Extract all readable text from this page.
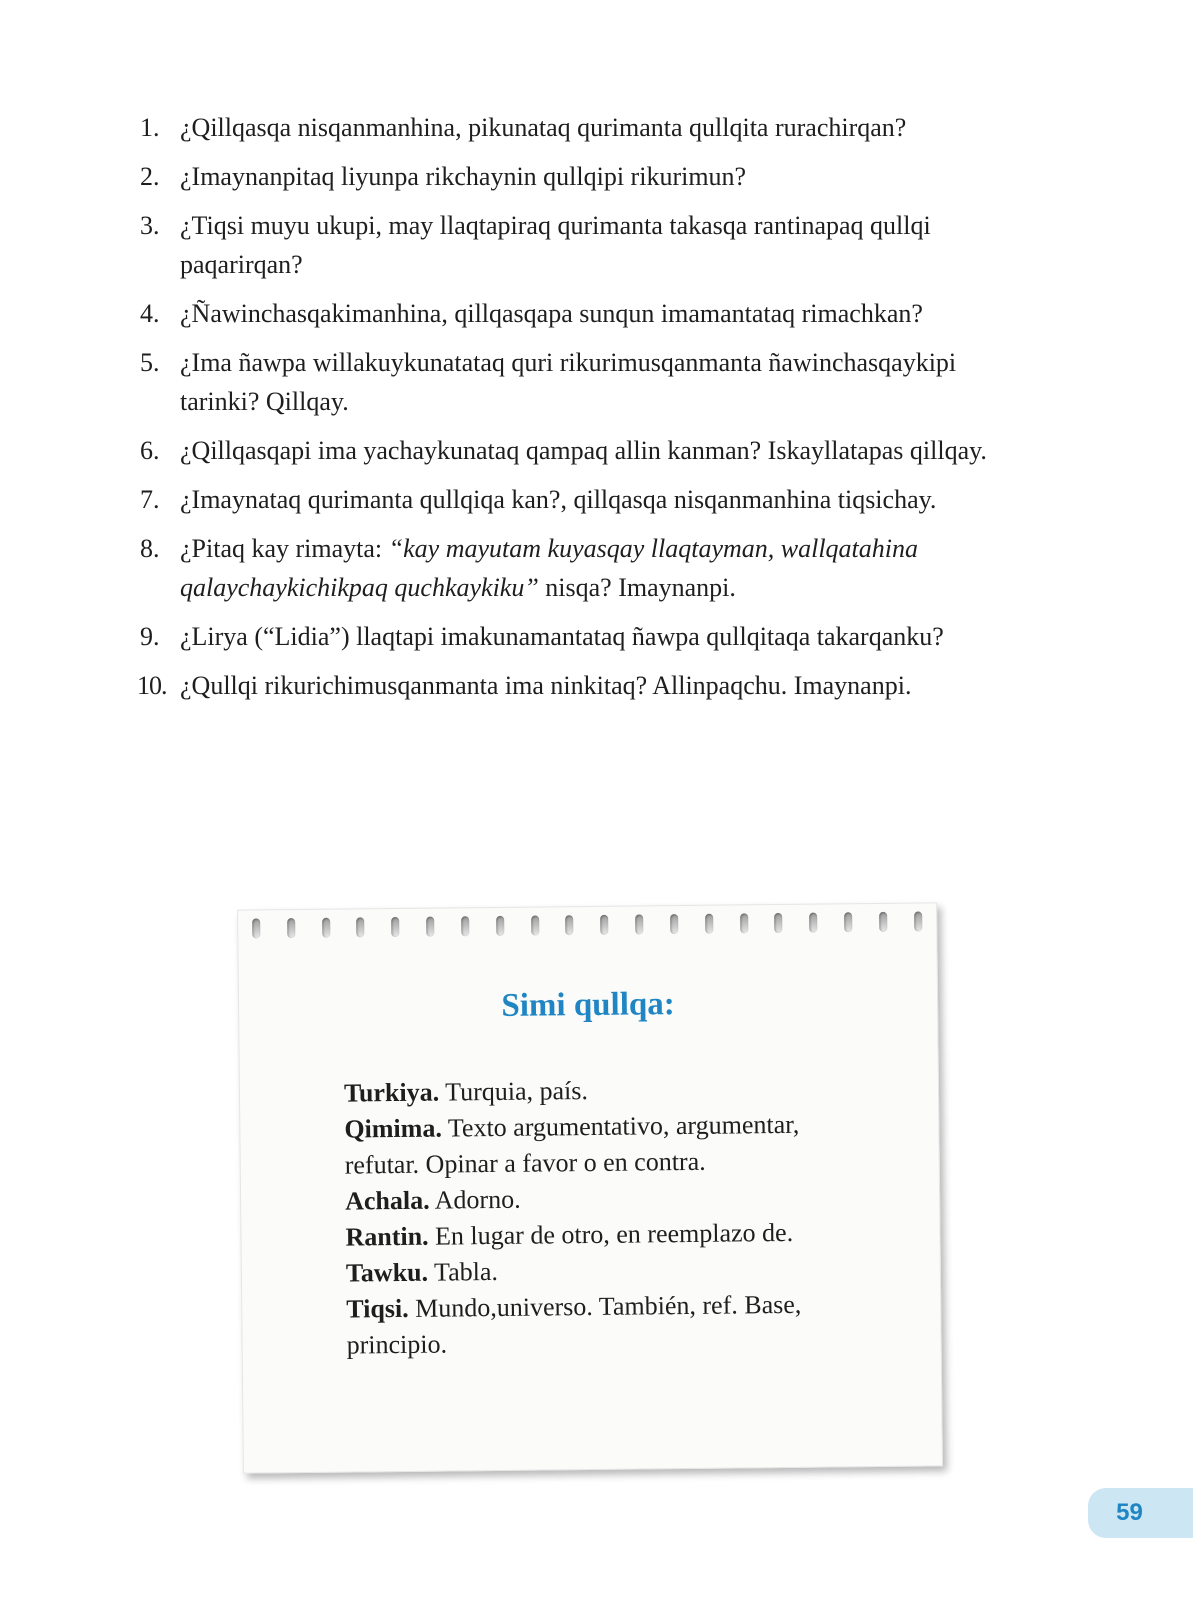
1. ¿Qillqasqa nisqanmanhina, pikunataq qurimanta qullqita rurachirqan?
2. ¿Imaynanpitaq liyunpa rikchaynin qullqipi rikurimun?
3. ¿Tiqsi muyu ukupi, may llaqtapiraq qurimanta takasqa rantinapaq qullqi paqarirqan?
4. ¿Ñawinchasqakimanhina, qillqasqapa sunqun imamantataq rimachkan?
5. ¿Ima ñawpa willakuykunatataq quri rikurimusqanmanta ñawinchasqaykipi tarinki? Qillqay.
6. ¿Qillqasqapi ima yachaykunataq qampaq allin kanman? Iskayllatapas qillqay.
7. ¿Imaynataq qurimanta qullqiqa kan?, qillqasqa nisqanmanhina tiqsichay.
8. ¿Pitaq kay rimayta: “kay mayutam kuyasqay llaqtayman, wallqatahina qalaychaykichikpaq quchkaykiku” nisqa? Imaynanpi.
9. ¿Lirya (“Lidia”) llaqtapi imakunamantataq ñawpa qullqitaqa takarqanku?
10. ¿Qullqi rikurichimusqanmanta ima ninkitaq? Allinpaqchu. Imaynanpi.
Simi qullqa:

Turkiya. Turquia, país.

Qimima. Texto argumentativo, argumentar, refutar. Opinar a favor o en contra.

Achala. Adorno.

Rantin. En lugar de otro, en reemplazo de.

Tawku. Tabla.

Tiqsi. Mundo,universo. También, ref. Base, principio.

59
